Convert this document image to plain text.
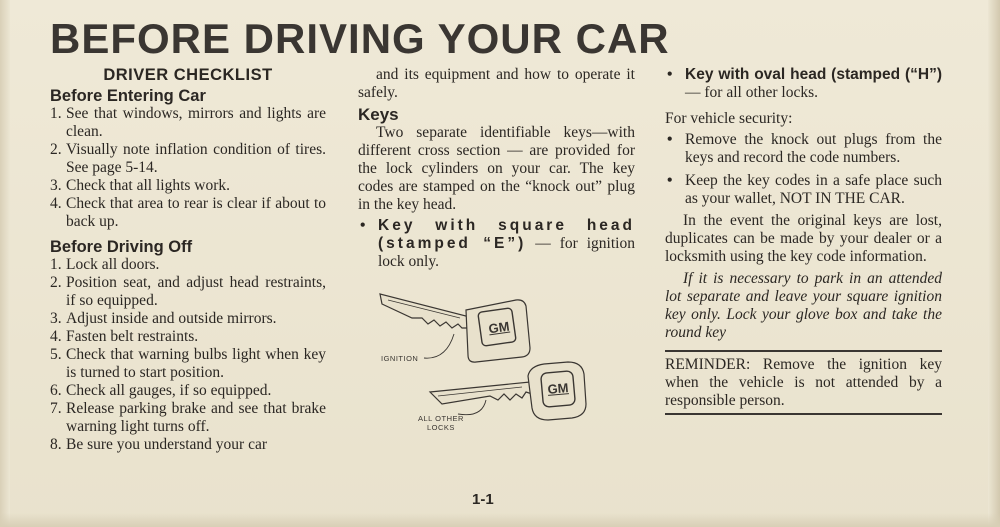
BEFORE DRIVING YOUR CAR
DRIVER CHECKLIST
Before Entering Car
1. See that windows, mirrors and lights are clean.
2. Visually note inflation condition of tires. See page 5-14.
3. Check that all lights work.
4. Check that area to rear is clear if about to back up.
Before Driving Off
1. Lock all doors.
2. Position seat, and adjust head restraints, if so equipped.
3. Adjust inside and outside mirrors.
4. Fasten belt restraints.
5. Check that warning bulbs light when key is turned to start position.
6. Check all gauges, if so equipped.
7. Release parking brake and see that brake warning light turns off.
8. Be sure you understand your car

and its equipment and how to operate it safely.

Keys

Two separate identifiable keys—with different cross section — are provided for the lock cylinders on your car. The key codes are stamped on the “knock out” plug in the key head.

• Key with square head (stamped “E”) — for ignition lock only.

GM
GM
IGNITION
ALL OTHER
LOCKS

• Key with oval head (stamped (“H”) — for all other locks.

For vehicle security:

• Remove the knock out plugs from the keys and record the code numbers.

• Keep the key codes in a safe place such as your wallet, NOT IN THE CAR.

In the event the original keys are lost, duplicates can be made by your dealer or a locksmith using the key code information.

If it is necessary to park in an attended lot separate and leave your square ignition key only. Lock your glove box and take the round key

REMINDER: Remove the ignition key when the vehicle is not attended by a responsible person.
1-1
